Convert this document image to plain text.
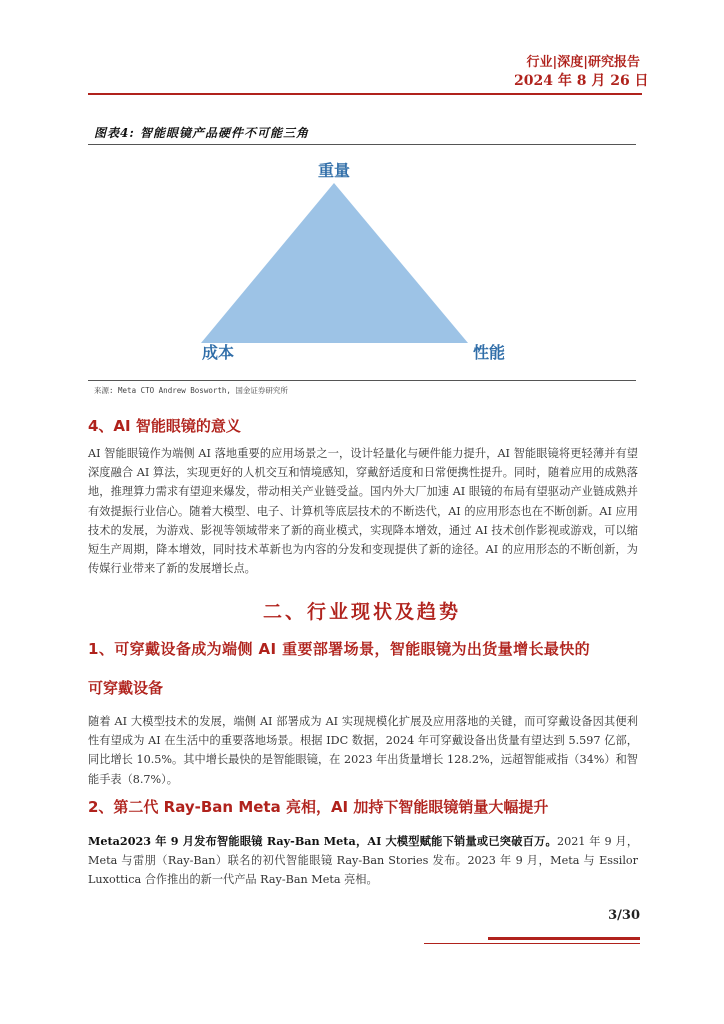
行业|深度|研究报告
2024 年 8 月 26 日
图表4: 智能眼镜产品硬件不可能三角
重量
成本	性能
来源: Meta CTO Andrew Bosworth, 国金证券研究所
4、AI 智能眼镜的意义
AI 智能眼镜作为端侧 AI 落地重要的应用场景之一，设计轻量化与硬件能力提升，AI 智能眼镜将更轻薄并有望深度融合 AI 算法，实现更好的人机交互和情境感知，穿戴舒适度和日常便携性提升。同时，随着应用的成熟落地，推理算力需求有望迎来爆发，带动相关产业链受益。国内外大厂加速 AI 眼镜的布局有望驱动产业链成熟并有效提振行业信心。随着大模型、电子、计算机等底层技术的不断迭代，AI 的应用形态也在不断创新。AI 应用技术的发展，为游戏、影视等领域带来了新的商业模式，实现降本增效，通过 AI 技术创作影视或游戏，可以缩短生产周期，降本增效，同时技术革新也为内容的分发和变现提供了新的途径。AI 的应用形态的不断创新，为传媒行业带来了新的发展增长点。
二、行业现状及趋势
1、可穿戴设备成为端侧 AI 重要部署场景，智能眼镜为出货量增长最快的
可穿戴设备
随着 AI 大模型技术的发展，端侧 AI 部署成为 AI 实现规模化扩展及应用落地的关键，而可穿戴设备因其便利性有望成为 AI 在生活中的重要落地场景。根据 IDC 数据，2024 年可穿戴设备出货量有望达到 5.597 亿部，同比增长 10.5%。其中增长最快的是智能眼镜，在 2023 年出货量增长 128.2%，远超智能戒指（34%）和智能手表（8.7%）。
2、第二代 Ray-Ban Meta 亮相，AI 加持下智能眼镜销量大幅提升
Meta2023 年 9 月发布智能眼镜 Ray-Ban Meta，AI 大模型赋能下销量或已突破百万。2021 年 9 月，Meta 与雷朋（Ray-Ban）联名的初代智能眼镜 Ray-Ban Stories 发布。2023 年 9 月，Meta 与 Essilor Luxottica 合作推出的新一代产品 Ray-Ban Meta 亮相。
3/30
